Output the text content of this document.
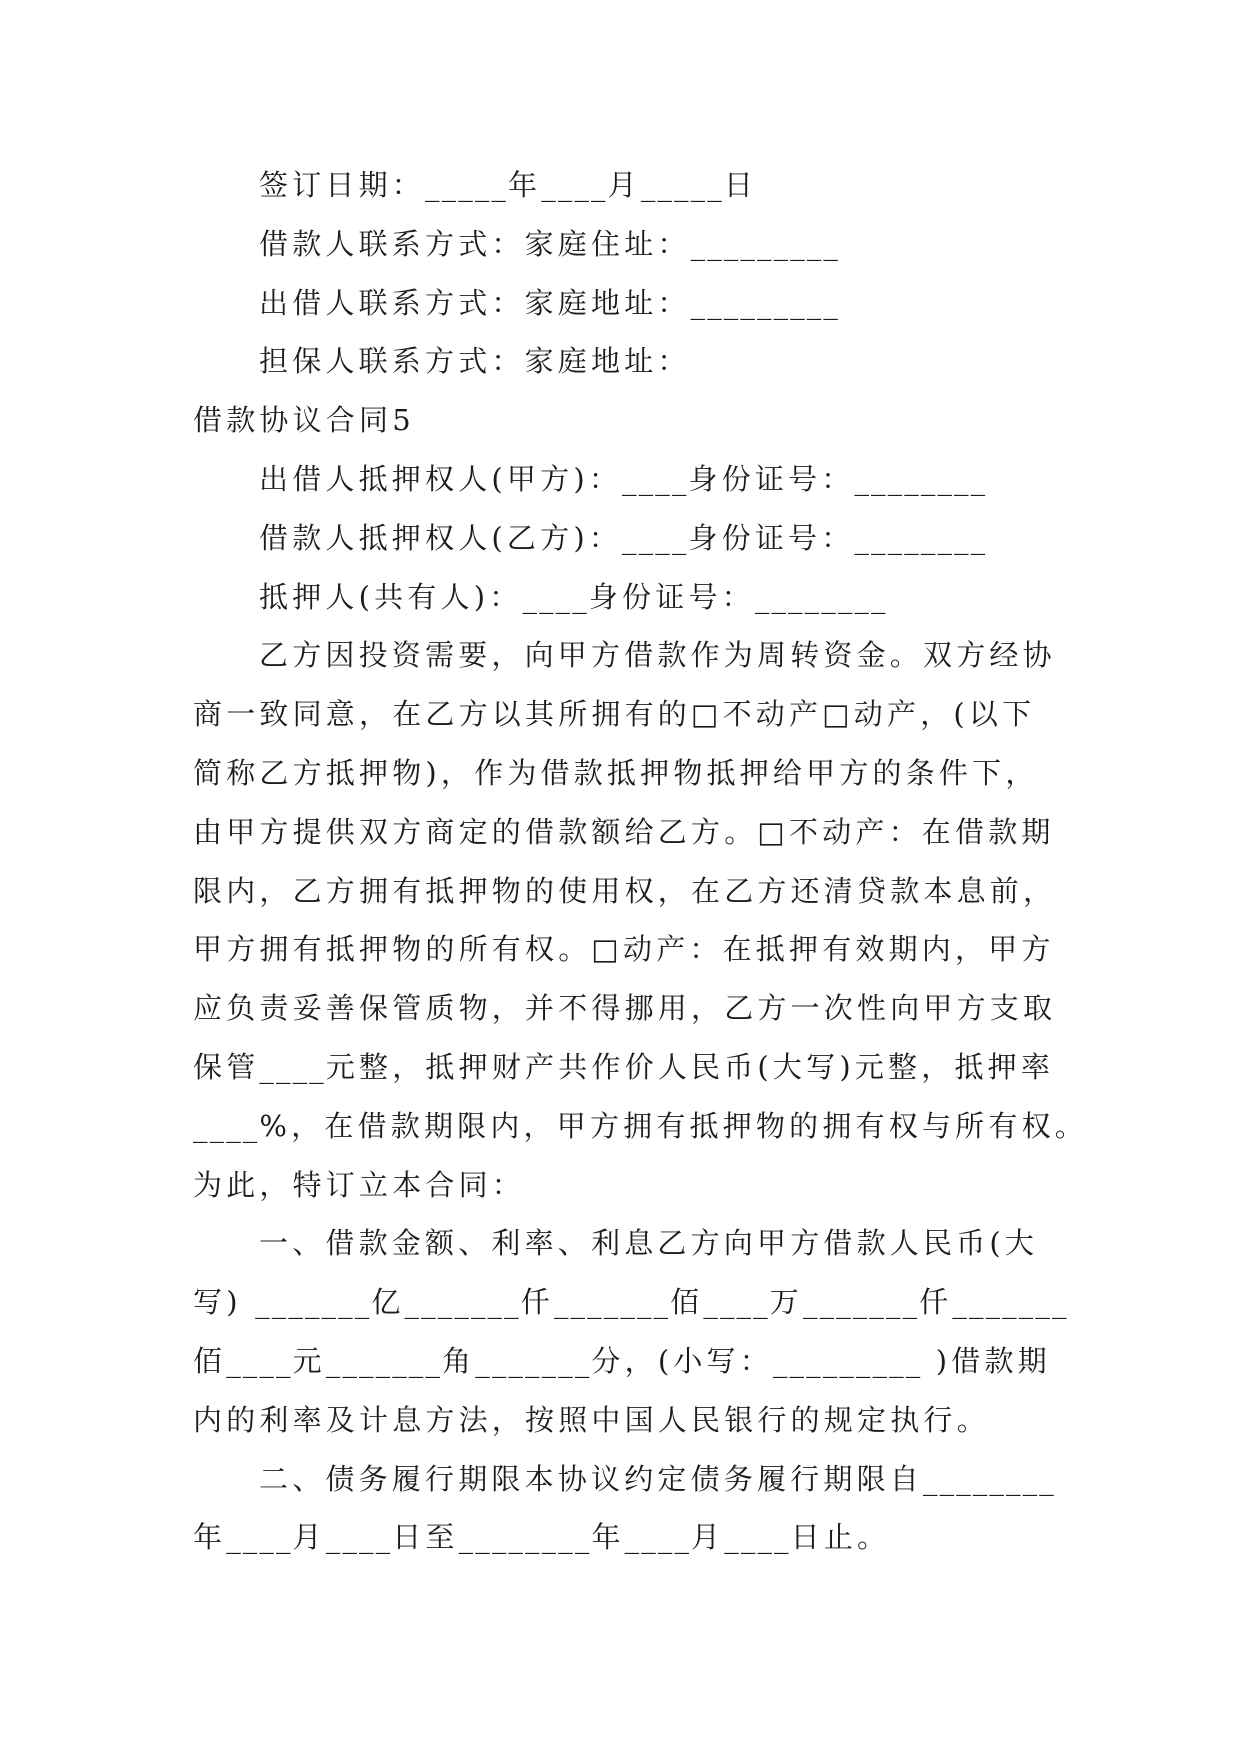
签订日期：_____年____月_____日
借款人联系方式：家庭住址：_________
出借人联系方式：家庭地址：_________
担保人联系方式：家庭地址：
借款协议合同5
出借人抵押权人(甲方)：____身份证号：________
借款人抵押权人(乙方)：____身份证号：________
抵押人(共有人)：____身份证号：________
乙方因投资需要，向甲方借款作为周转资金。双方经协
商一致同意，在乙方以其所拥有的□不动产□动产，(以下
简称乙方抵押物)，作为借款抵押物抵押给甲方的条件下，
由甲方提供双方商定的借款额给乙方。□不动产：在借款期
限内，乙方拥有抵押物的使用权，在乙方还清贷款本息前，
甲方拥有抵押物的所有权。□动产：在抵押有效期内，甲方
应负责妥善保管质物，并不得挪用，乙方一次性向甲方支取
保管____元整，抵押财产共作价人民币(大写)元整，抵押率
____%，在借款期限内，甲方拥有抵押物的拥有权与所有权。
为此，特订立本合同：
一、借款金额、利率、利息乙方向甲方借款人民币(大
写) _______亿_______仟_______佰____万_______仟_______
佰____元_______角_______分，(小写：_________ )借款期
内的利率及计息方法，按照中国人民银行的规定执行。
二、债务履行期限本协议约定债务履行期限自________
年____月____日至________年____月____日止。
